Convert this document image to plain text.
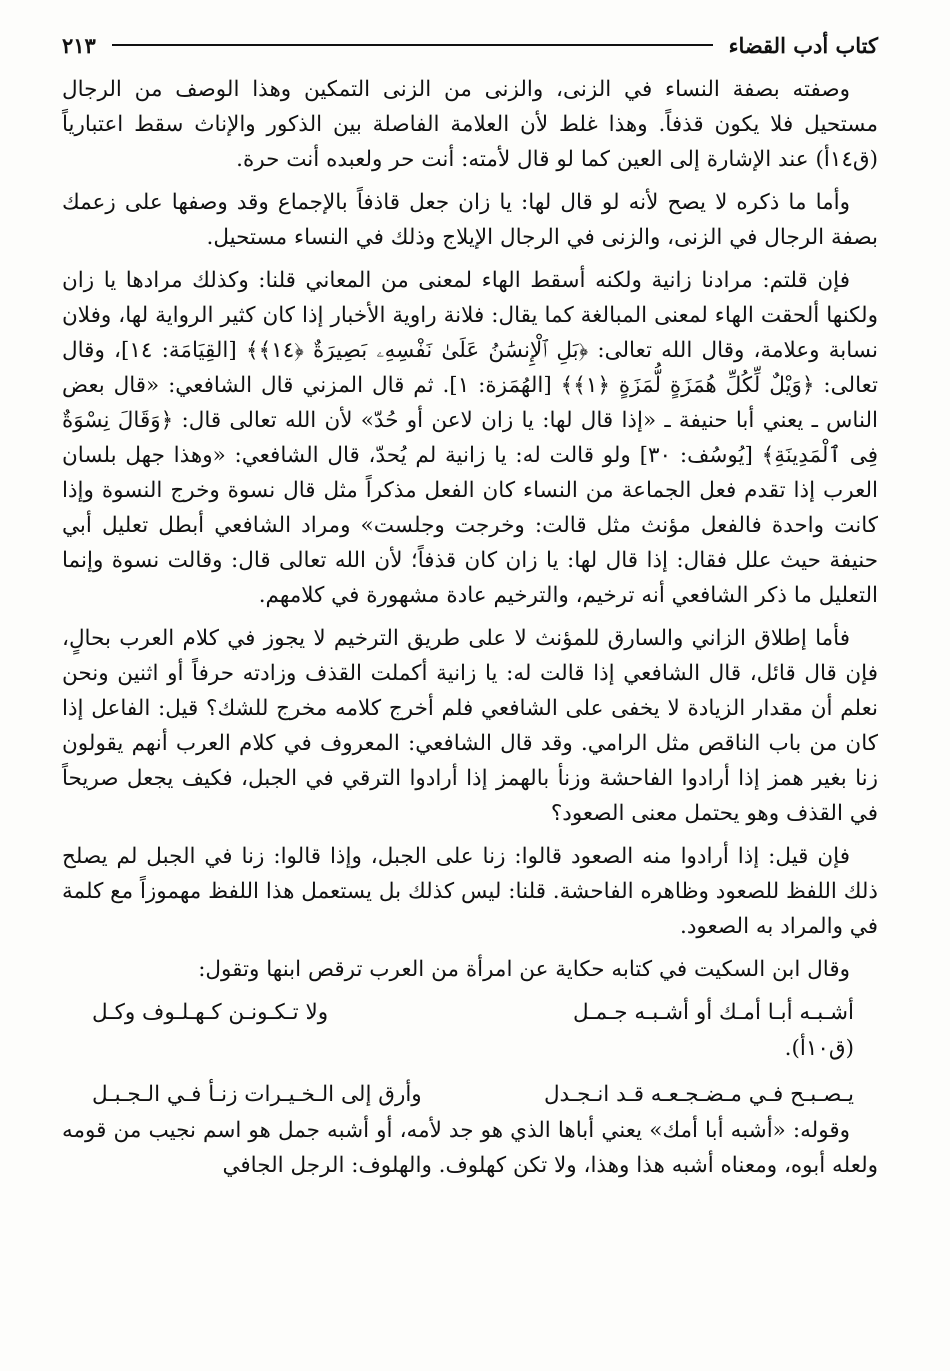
كتاب أدب القضاء
٢١٣

وصفته بصفة النساء في الزنى، والزنى من الزنى التمكين وهذا الوصف من الرجال مستحيل فلا يكون قذفاً. وهذا غلط لأن العلامة الفاصلة بين الذكور والإناث سقط اعتبارياً (ق١٤أ) عند الإشارة إلى العين كما لو قال لأمته: أنت حر ولعبده أنت حرة.

وأما ما ذكره لا يصح لأنه لو قال لها: يا زان جعل قاذفاً بالإجماع وقد وصفها على زعمك بصفة الرجال في الزنى، والزنى في الرجال الإيلاج وذلك في النساء مستحيل.

فإن قلتم: مرادنا زانية ولكنه أسقط الهاء لمعنى من المعاني قلنا: وكذلك مرادها يا زان ولكنها ألحقت الهاء لمعنى المبالغة كما يقال: فلانة راوية الأخبار إذا كان كثير الرواية لها، وفلان نسابة وعلامة، وقال الله تعالى: ﴿بَلِ ٱلْإِنسَٰنُ عَلَىٰ نَفْسِهِۦ بَصِيرَةٌ ﴿١٤﴾﴾ [القِيَامَة: ١٤]، وقال تعالى: ﴿وَيْلٌ لِّكُلِّ هُمَزَةٍ لُّمَزَةٍ ﴿١﴾﴾ [الهُمَزة: ١]. ثم قال المزني قال الشافعي: «قال بعض الناس ـ يعني أبا حنيفة ـ «إذا قال لها: يا زان لاعن أو حُدّ» لأن الله تعالى قال: ﴿وَقَالَ نِسْوَةٌ فِى ٱلْمَدِينَةِ﴾ [يُوسُف: ٣٠] ولو قالت له: يا زانية لم يُحدّ، قال الشافعي: «وهذا جهل بلسان العرب إذا تقدم فعل الجماعة من النساء كان الفعل مذكراً مثل قال نسوة وخرج النسوة وإذا كانت واحدة فالفعل مؤنث مثل قالت: وخرجت وجلست» ومراد الشافعي أبطل تعليل أبي حنيفة حيث علل فقال: إذا قال لها: يا زان كان قذفاً؛ لأن الله تعالى قال: وقالت نسوة وإنما التعليل ما ذكر الشافعي أنه ترخيم، والترخيم عادة مشهورة في كلامهم.

فأما إطلاق الزاني والسارق للمؤنث لا على طريق الترخيم لا يجوز في كلام العرب بحالٍ، فإن قال قائل، قال الشافعي إذا قالت له: يا زانية أكملت القذف وزادته حرفاً أو اثنين ونحن نعلم أن مقدار الزيادة لا يخفى على الشافعي فلم أخرج كلامه مخرج للشك؟ قيل: الفاعل إذا كان من باب الناقص مثل الرامي. وقد قال الشافعي: المعروف في كلام العرب أنهم يقولون زنا بغير همز إذا أرادوا الفاحشة وزنأ بالهمز إذا أرادوا الترقي في الجبل، فكيف يجعل صريحاً في القذف وهو يحتمل معنى الصعود؟

فإن قيل: إذا أرادوا منه الصعود قالوا: زنا على الجبل، وإذا قالوا: زنا في الجبل لم يصلح ذلك اللفظ للصعود وظاهره الفاحشة. قلنا: ليس كذلك بل يستعمل هذا اللفظ مهموزاً مع كلمة في والمراد به الصعود.

وقال ابن السكيت في كتابه حكاية عن امرأة من العرب ترقص ابنها وتقول:

أشـبـه أبـا أمـك أو أشـبـه جـمـل
ولا تـكـونـن كـهـلـوف وكـل
(ق١٠أ).
يـصـبـح فـي مـضـجـعـه قـد انـجـدل
وأرق إلى الـخـيـرات زنـأ فـي الـجـبـل

وقوله: «أشبه أبا أمك» يعني أباها الذي هو جد لأمه، أو أشبه جمل هو اسم نجيب من قومه ولعله أبوه، ومعناه أشبه هذا وهذا، ولا تكن كهلوف. والهلوف: الرجل الجافي
